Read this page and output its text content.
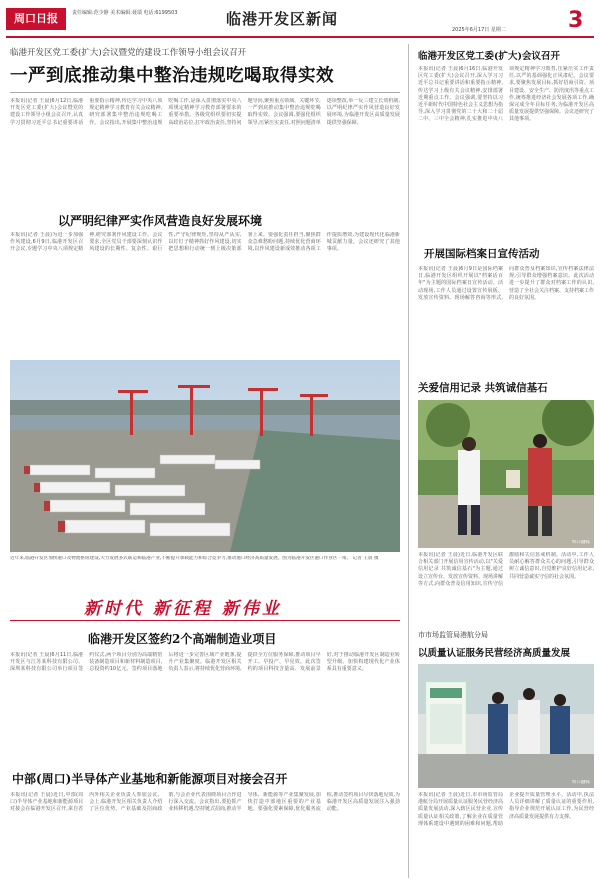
周口日报	责任编辑:范少静 美术编辑:聂瑞 电话:6199503	临港开发区新闻
2025年6月17日 星期二	3
临港开发区党工委(扩大)会议暨党的建设工作领导小组会议召开
一严到底推动集中整治违规吃喝取得实效
本报讯(记者 王晨)6月12日,临港开发区党工委(扩大)会议暨党的建设工作领导小组会议召开,认真学习贯彻习近平总书记重要讲话重要指示精神,传达学习中央八项规定精神学习教育有关会议精神,研究部署集中整治违规吃喝工作。会议指出,开展集中整治违规吃喝工作,是深入贯彻落实中央八项规定精神学习教育部署要求的重要举措。各级党组织要切实提高政治站位,扛牢政治责任,坚持问题导向,聚焦重点领域、关键环节,一严到底推动集中整治违规吃喝取得实效。会议强调,要强化组织领导,压紧压实责任,对照问题清单逐项整改,举一反三建立长效机制,以严明纪律严实作风营造良好发展环境,为临港开发区高质量发展提供坚强保障。
以严明纪律严实作风营造良好发展环境
本报讯(记者 王晨)为进一步加强作风建设,6月9日,临港开发区召开会议,专题学习中央八项规定精神,研究部署作风建设工作。会议要求,全区党员干部要深刻认识作风建设的长期性、复杂性、艰巨性,严守纪律规矩,坚持从严从实,以钉钉子精神抓好作风建设,切实把思想和行动统一到上级决策部署上来。要强化责任担当,聚焦群众急难愁盼问题,持续优化营商环境,以作风建设新成效推动各项工作提质增效,为建设现代化临港新城贡献力量。会议还研究了其他事项。
近年来,临港开发区加快港口及物流枢纽建设,大力发展多式联运和临港产业,不断提升承载能力和综合竞争力,推动港口经济高质量发展。图为临港开发区港口作业区一角。 记者 王晨 摄
新时代 新征程 新伟业
临港开发区签约2个高端制造业项目
本报讯(记者 王晨)6月11日,临港开发区与江苏某科技有限公司、深圳某科技有限公司举行项目签约仪式,两个项目分别为高端精密装备制造项目和新材料制造项目,总投资约10亿元。签约项目落地后将进一步完善区域产业链条,提升产业集聚度。临港开发区相关负责人表示,将持续优化营商环境,提供全方位服务保障,推动项目早开工、早投产、早见效。此次签约的项目科技含量高、发展前景好,对于推动临港开发区制造业转型升级、加快构建现代化产业体系具有重要意义。
中部(周口)半导体产业基地和新能源项目对接会召开
本报讯(记者 王晨)近日,中部(周口)半导体产业基地和新能源项目对接会在临港开发区召开,来自省内外相关企业负责人参加会议。会上,临港开发区相关负责人介绍了区位优势、产业基础及招商政策,与会企业代表围绕项目合作进行深入交流。会议指出,要抢抓产业转移机遇,坚持链式招商,推动半导体、新能源等产业集聚发展,加快打造中部地区重要的产业基地。要强化要素保障,优化服务流程,推动签约项目尽快落地见效,为临港开发区高质量发展注入强劲动能。
临港开发区党工委(扩大)会议召开
本报讯(记者 王晨)6月16日,临港开发区党工委(扩大)会议召开,深入学习习近平总书记重要讲话和重要指示精神,传达学习上级有关会议精神,安排部署近期重点工作。会议强调,要坚持以习近平新时代中国特色社会主义思想为指导,深入学习贯彻党的二十大和二十届二中、三中全会精神,扎实推进中央八项规定精神学习教育,压紧压实工作责任,以严的基调强化正风肃纪。会议要求,要聚焦发展目标,抓好招商引资、项目建设、安全生产、防汛度汛等重点工作,统筹推进经济社会发展各项工作,确保完成全年目标任务,为临港开发区高质量发展提供坚强保障。会议还研究了其他事项。
开展国际档案日宣传活动
本报讯(记者 王晨)6月9日是国际档案日,临港开发区组织开展以"档案话百年"为主题的国际档案日宣传活动。活动现场,工作人员通过设置宣传展板、发放宣传资料、现场解答咨询等形式,向群众普及档案知识,宣传档案法律法规,引导群众增强档案意识。此次活动进一步提升了群众对档案工作的认识,营造了全社会关注档案、支持档案工作的良好氛围。
关爱信用记录 共筑诚信基石
周口融媒
本报讯(记者 王晨)近日,临港开发区联合相关部门开展信用宣传活动,以"关爱信用记录 共筑诚信基石"为主题,通过设立宣传台、发放宣传资料、现场讲解等方式,向群众普及信用知识,宣传守信激励和失信惩戒机制。活动中,工作人员耐心解答群众关心的问题,引导群众树立诚信意识,自觉维护良好信用记录,共同营造诚实守信的社会氛围。
市市场监管局港航分局
以质量认证服务民营经济高质量发展
周口融媒
本报讯(记者 王晨)近日,市市场监管局港航分局开展质量认证服务民营经济高质量发展活动,深入辖区民营企业,宣传质量认证相关政策,了解企业在质量管理体系建设中遇到的困难和问题,帮助企业提升质量管理水平。活动中,执法人员详细讲解了质量认证的重要作用,指导企业规范开展认证工作,为民营经济高质量发展提供有力支撑。
